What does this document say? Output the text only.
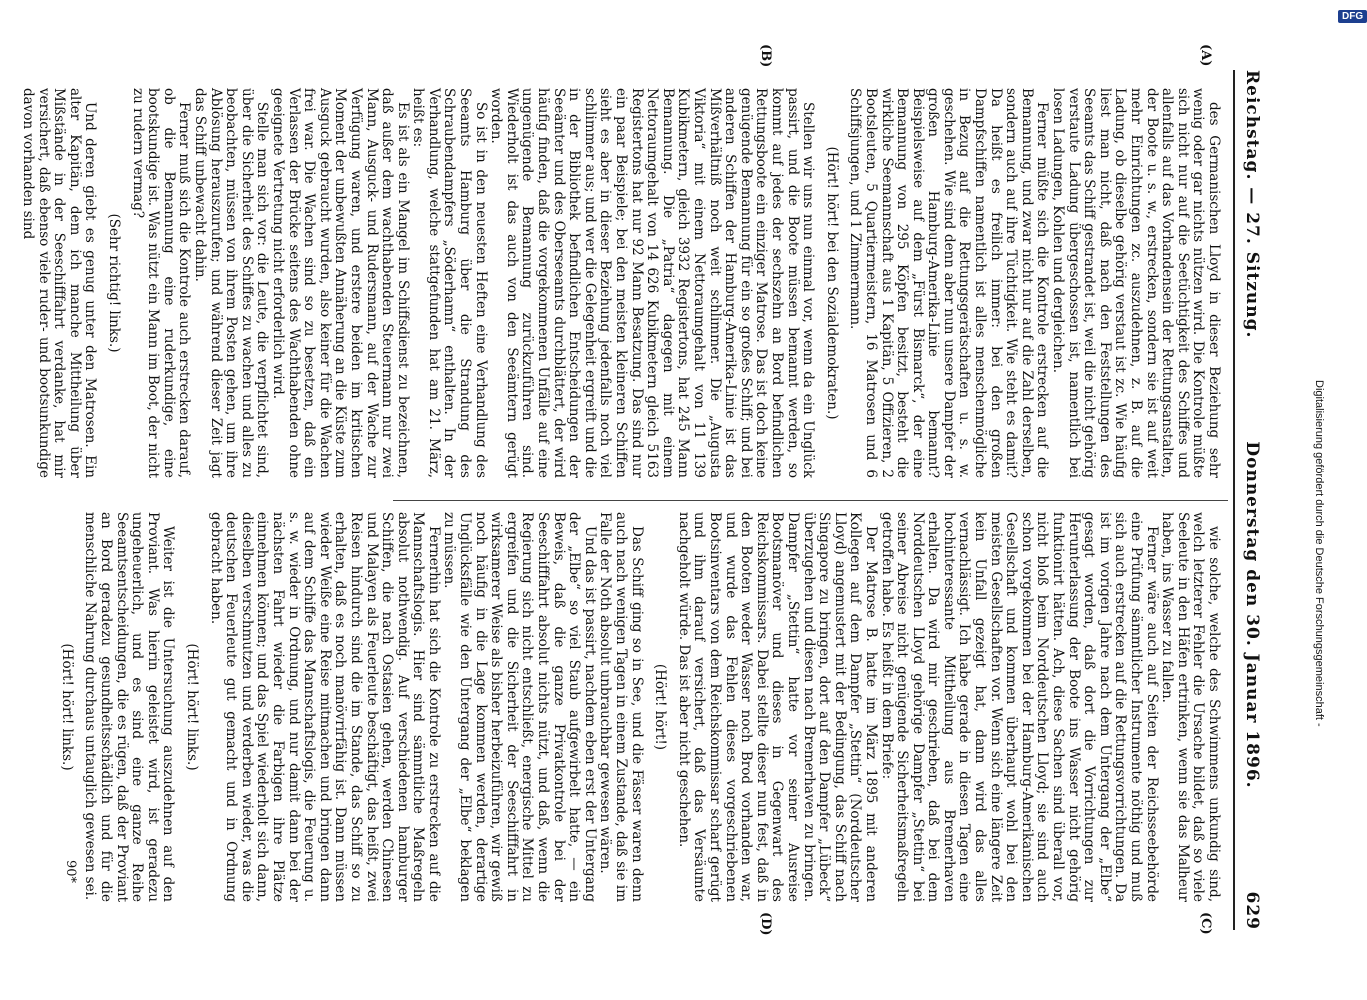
Reichstag. — 27. Sitzung.
Donnerstag den 30. Januar 1896.
629
(A)
(B)
(C)
(D)

des Germanischen Lloyd in dieser Beziehung sehr wenig oder gar nichts nützen wird. Die Kontrole müßte sich nicht nur auf die Seetüchtigkeit des Schiffes und allenfalls auf das Vorhandensein der Rettungsanstalten, der Boote u. s. w., erstrecken, sondern sie ist auf weit mehr Einrichtungen zc. auszudehnen, z. B. auf die Ladung, ob dieselbe gehörig verstaut ist zc. Wie häufig liest man nicht, daß nach den Feststellungen des Seeamts das Schiff gestrandet ist, weil die nicht gehörig verstaute Ladung übergeschossen ist, namentlich bei losen Ladungen, Kohlen und dergleichen.

Ferner müßte sich die Kontrole erstrecken auf die Bemannung, und zwar nicht nur auf die Zahl derselben, sondern auch auf ihre Tüchtigkeit. Wie steht es damit? Da heißt es freilich immer: bei den großen Dampfschiffen namentlich ist alles menschenmögliche in Bezug auf die Rettungsgerätschaften u. s. w. geschehen. Wie sind denn aber nun unsere Dampfer der großen Hamburg-Amerika-Linie bemannt? Beispielsweise auf dem „Fürst Bismarck“, der eine Bemannung von 295 Köpfen besitzt, besteht die wirkliche Seemannschaft aus 1 Kapitän, 5 Offizieren, 2 Bootsleuten, 5 Quartiermeistern, 16 Matrosen und 6 Schiffsjungen, und 1 Zimmermann.

(Hört! hört! bei den Sozialdemokraten.)

Stellen wir uns nun einmal vor, wenn da ein Unglück passirt, und die Boote müssen bemannt werden, so kommt auf jedes der sechszehn an Bord befindlichen Rettungsboote ein einziger Matrose. Das ist doch keine genügende Bemannung für ein so großes Schiff; und bei anderen Schiffen der Hamburg-Amerika-Linie ist das Mißverhältniß noch weit schlimmer. Die „Augusta Viktoria“ mit einem Nettoraumgehalt von 11 139 Kubikmetern, gleich 3932 Registertons, hat 245 Mann Bemannung. Die „Patria“ dagegen mit einem Nettoraumgehalt von 14 626 Kubikmetern gleich 5163 Registertons hat nur 92 Mann Besatzung. Das sind nur ein paar Beispiele; bei den meisten kleineren Schiffen sieht es aber in dieser Beziehung jedenfalls noch viel schlimmer aus; und wer die Gelegenheit ergreift und die in der Bibliothek befindlichen Entscheidungen der Seeämter und des Oberseeamts durchblättert, der wird häufig finden, daß die vorgekommenen Unfälle auf eine ungenügende Bemannung zurückzuführen sind. Wiederholt ist das auch von den Seeämtern gerügt worden.

So ist in den neuesten Heften eine Verhandlung des Seeamts Hamburg über die Strandung des Schraubendampfers „Söderhamn“ enthalten. In der Verhandlung, welche stattgefunden hat am 21. März, heißt es:

Es ist als ein Mangel im Schiffsdienst zu bezeichnen, daß außer dem wachthabenden Steuermann nur zwei Mann, Ausguck- und Rudersmann, auf der Wache zur Verfügung waren, und erstere beiden im kritischen Moment der unbewußten Annäherung an die Küste zum Ausguck gebraucht wurden, also keiner für die Wachen frei war. Die Wachen sind so zu besetzen, daß ein Verlassen der Brücke seitens des Wachthabenden ohne geeignete Vertretung nicht erforderlich wird.

Stelle man sich vor: die Leute, die verpflichtet sind, über die Sicherheit des Schiffes zu wachen und alles zu beobachten, müssen von ihrem Posten gehen, um ihre Ablösung herauszurufen; und während dieser Zeit jagt das Schiff unbewacht dahin.

Ferner muß sich die Kontrole auch erstrecken darauf, ob die Bemannung eine ruderkundige, eine bootskundige ist. Was nützt ein Mann im Boot, der nicht zu rudern vermag?

(Sehr richtig! links.)

Und deren giebt es genug unter den Matrosen. Ein alter Kapitän, dem ich manche Mittheilung über Mißstände in der Seeschifffahrt verdanke, hat mir versichert, daß ebenso viele ruder- und bootsunkundige davon vorhanden sind

wie solche, welche des Schwimmens unkundig sind, welch letzterer Fehler die Ursache bildet, daß so viele Seeleute in den Häfen ertrinken, wenn sie das Malheur haben, ins Wasser zu fallen.

Ferner wäre auch auf Seiten der Reichsseebehörde eine Prüfung sämmtlicher Instrumente nöthig und muß sich auch erstrecken auf die Rettungsvorrichtungen. Da ist im vorigen Jahre nach dem Untergang der „Elbe“ gesagt worden, daß dort die Vorrichtungen zur Herunterlassung der Boote ins Wasser nicht gehörig funktionirt hätten. Ach, diese Sachen sind überall vor, nicht bloß beim Norddeutschen Lloyd; sie sind auch schon vorgekommen bei der Hamburg-Amerikanischen Gesellschaft und kommen überhaupt wohl bei den meisten Gesellschaften vor. Wenn sich eine längere Zeit kein Unfall gezeigt hat, dann wird das alles vernachlässigt. Ich habe gerade in diesen Tagen eine hochinteressante Mittheilung aus Bremerhaven erhalten. Da wird mir geschrieben, daß bei dem Norddeutschen Lloyd gehörige Dampfer „Stettin“ bei seiner Abreise nicht genügende Sicherheitsmaßregeln getroffen habe. Es heißt in dem Briefe:

Der Matrose B. hatte im März 1895 mit anderen Kollegen auf dem Dampfer „Stettin“ (Norddeutscher Lloyd) angemustert mit der Bedingung, das Schiff nach Singapore zu bringen, dort auf den Dampfer „Lübeck“ überzugehen und diesen nach Bremerhaven zu bringen. Dampfer „Stettin“ hatte vor seiner Ausreise Bootsmanöver und dieses in Gegenwart des Reichskommissars. Dabei stellte dieser nun fest, daß in den Booten weder Wasser noch Brod vorhanden war, und wurde das Fehlen dieses vorgeschriebenen Bootsinventars von dem Reichskommissar scharf gerügt und ihm darauf versichert, daß das Versäumte nachgeholt würde. Das ist aber nicht geschehen.

(Hört! hört!)

Das Schiff ging so in See, und die Fässer waren denn auch nach wenigen Tagen in einem Zustande, daß sie im Falle der Noth absolut unbrauchbar gewesen wären.

Und das ist passirt, nachdem eben erst der Untergang der „Elbe“ so viel Staub aufgewirbelt hatte, — ein Beweis, daß die ganze Privatkontrole bei der Seeschifffahrt absolut nichts nützt, und daß, wenn die Regierung sich nicht entschließt, energische Mittel zu ergreifen und die Sicherheit der Seeschifffahrt in wirksamerer Weise als bisher herbeizuführen, wir gewiß noch häufig in die Lage kommen werden, derartige Unglücksfälle wie den Untergang der „Elbe“ beklagen zu müssen.

Fernerhin hat sich die Kontrole zu erstrecken auf die Mannschaftslogis. Hier sind sämmtliche Maßregeln absolut nothwendig. Auf verschiedenen hamburger Schiffen, die nach Ostasien gehen, werden Chinesen und Malayen als Feuerleute beschäftigt, das heißt, zwei Reisen hindurch sind die im Stande, das Schiff so zu erhalten, daß es noch manövrirfähig ist. Dann müssen wieder Weiße eine Reise mitmachen und bringen dann auf dem Schiffe das Mannschaftslogis, die Feuerung u. s. w. wieder in Ordnung, und nur damit dann bei der nächsten Fahrt wieder die Farbigen ihre Plätze einnehmen können; und das Spiel wiederholt sich dann, dieselben verschmutzen und verderben wieder, was die deutschen Feuerleute gut gemacht und in Ordnung gebracht haben.

(Hört! hört! links.)

Weiter ist die Untersuchung auszudehnen auf den Proviant. Was hierin geleistet wird, ist geradezu ungeheuerlich, und es sind eine ganze Reihe Seeamtsentscheidungen, die es rügen, daß der Proviant an Bord geradezu gesundheitsschädlich und für die menschliche Nahrung durchaus untauglich gewesen sei.

(Hört! hört! links.)

90*
Digitalisierung gefördert durch die Deutsche Forschungsgemeinschaft -
DFG
